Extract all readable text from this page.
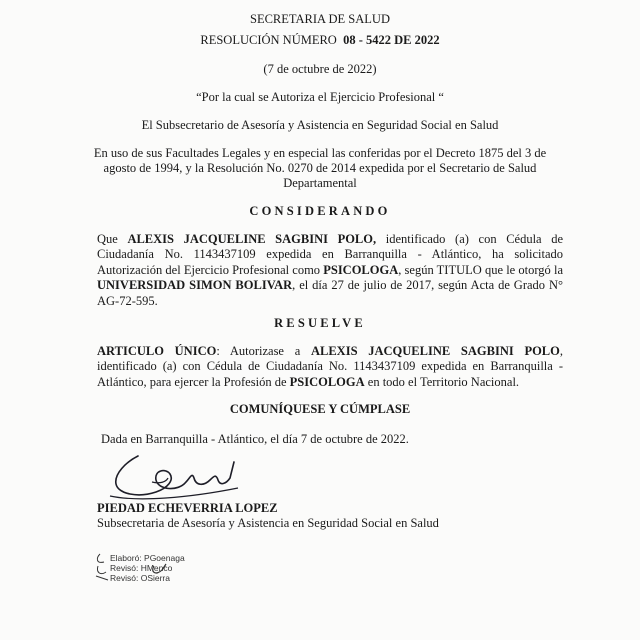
SECRETARIA DE SALUD
RESOLUCIÓN NÚMERO 08 - 5422 DE 2022
(7 de octubre de 2022)
“Por la cual se Autoriza el Ejercicio Profesional “
El Subsecretario de Asesoría y Asistencia en Seguridad Social en Salud
En uso de sus Facultades Legales y en especial las conferidas por el Decreto 1875 del 3 de
agosto de 1994, y la Resolución No. 0270 de 2014 expedida por el Secretario de Salud
Departamental
CONSIDERANDO
Que ALEXIS JACQUELINE SAGBINI POLO, identificado (a) con Cédula de Ciudadanía No. 1143437109 expedida en Barranquilla - Atlántico, ha solicitado Autorización del Ejercicio Profesional como PSICOLOGA, según TITULO que le otorgó la UNIVERSIDAD SIMON BOLIVAR, el día 27 de julio de 2017, según Acta de Grado N° AG-72-595.
RESUELVE
ARTICULO ÚNICO: Autorizase a ALEXIS JACQUELINE SAGBINI POLO, identificado (a) con Cédula de Ciudadanía No. 1143437109 expedida en Barranquilla - Atlántico, para ejercer la Profesión de PSICOLOGA en todo el Territorio Nacional.
COMUNÍQUESE Y CÚMPLASE
Dada en Barranquilla - Atlántico, el día 7 de octubre de 2022.
PIEDAD ECHEVERRIA LOPEZ
Subsecretaria de Asesoría y Asistencia en Seguridad Social en Salud
Elaboró: PGoenaga
Revisó: HMenco
Revisó: OSierra
